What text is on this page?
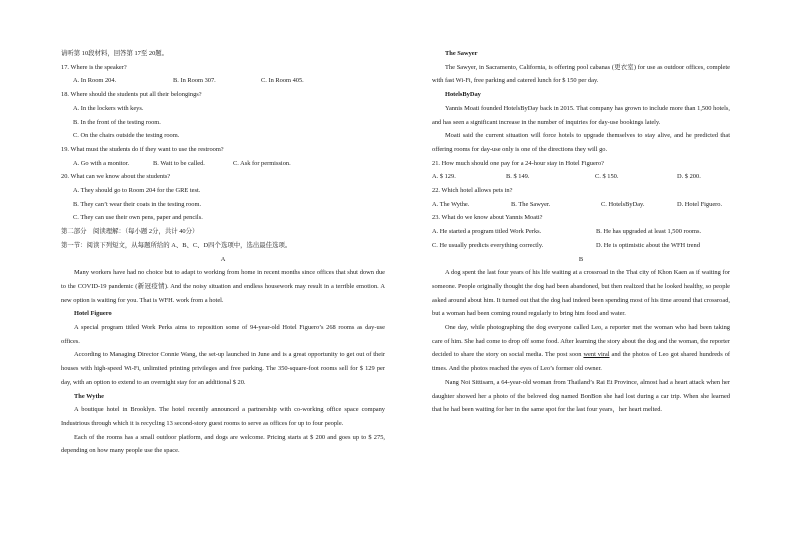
请听第 10段材料，回答第 17至 20题。
17. Where is the speaker?
A. In Room 204.	B. In Room 307.	C. In Room 405.
18. Where should the students put all their belongings?
A. In the lockers with keys.
B. In the front of the testing room.
C. On the chairs outside the testing room.
19. What must the students do if they want to use the restroom?
A. Go with a monitor.	B. Wait to be called.	C. Ask for permission.
20. What can we know about the students?
A. They should go to Room 204 for the GRE test.
B. They can’t wear their coats in the testing room.
C. They can use their own pens, paper and pencils.
第二部分　阅读理解：（每小题 2分，共计 40分）
第一节：阅读下列短文，从每题所给的 A、B、C、D四个选项中，选出最佳选项。
A
Many workers have had no choice but to adapt to working from home in recent months since offices that shut down due to the COVID-19 pandemic (新冠疫情). And the noisy situation and endless housework may result in a terrible emotion. A new option is waiting for you. That is WFH. work from a hotel.
Hotel Figuero
A special program titled Work Perks aims to reposition some of 94-year-old Hotel Figuero’s 268 rooms as day-use offices.
According to Managing Director Connie Wang, the set-up launched in June and is a great opportunity to get out of their houses with high-speed Wi-Fi, unlimited printing privileges and free parking. The 350-square-foot rooms sell for $ 129 per day, with an option to extend to an overnight stay for an additional $ 20.
The Wythe
A boutique hotel in Brooklyn. The hotel recently announced a partnership with co-working office space company Industrious through which it is recycling 13 second-story guest rooms to serve as offices for up to four people.
Each of the rooms has a small outdoor platform, and dogs are welcome. Pricing starts at $ 200 and goes up to $ 275, depending on how many people use the space.
The Sawyer
The Sawyer, in Sacramento, California, is offering pool cabanas (更衣室) for use as outdoor offices, complete with fast Wi-Fi, free parking and catered lunch for $ 150 per day.
HotelsByDay
Yannis Moati founded HotelsByDay back in 2015. That company has grown to include more than 1,500 hotels, and has seen a significant increase in the number of inquiries for day-use bookings lately.
Moati said the current situation will force hotels to upgrade themselves to stay alive, and he predicted that offering rooms for day-use only is one of the directions they will go.
21. How much should one pay for a 24-hour stay in Hotel Figuero?
A. $ 129.	B. $ 149.	C. $ 150.	D. $ 200.
22. Which hotel allows pets in?
A. The Wythe.	B. The Sawyer.	C. HotelsByDay.	D. Hotel Figuero.
23. What do we know about Yannis Moati?
A. He started a program titled Work Perks.	B. He has upgraded at least 1,500 rooms.
C. He usually predicts everything correctly.	D. He is optimistic about the WFH trend
B
A dog spent the last four years of his life waiting at a crossroad in the Thai city of Khon Kaen as if waiting for someone. People originally thought the dog had been abandoned, but then realized that he looked healthy, so people asked around about him. It turned out that the dog had indeed been spending most of his time around that crossroad, but a woman had been coming round regularly to bring him food and water.
One day, while photographing the dog everyone called Leo, a reporter met the woman who had been taking care of him. She had come to drop off some food. After learning the story about the dog and the woman, the reporter decided to share the story on social media. The post soon went viral and the photos of Leo got shared hundreds of times. And the photos reached the eyes of Leo’s former old owner.
Nang Noi Sittisarn, a 64-year-old woman from Thailand’s Rai Et Province, almost had a heart attack when her daughter showed her a photo of the beloved dog named BonBon she had lost during a car trip. When she learned that he had been waiting for her in the same spot for the last four years，her heart melted.
